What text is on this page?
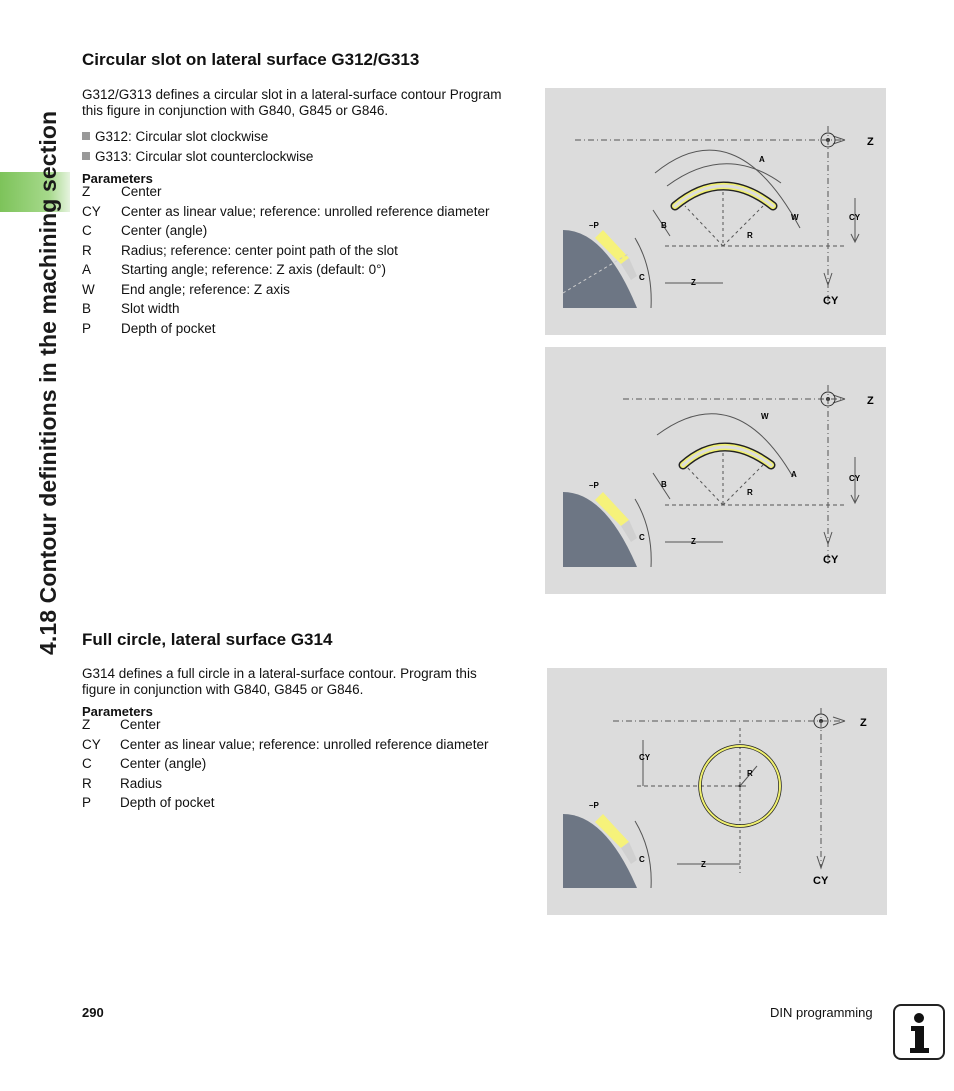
4.18 Contour definitions in the machining section
Circular slot on lateral surface G312/G313
G312/G313 defines a circular slot in a lateral-surface contour Program
this figure in conjunction with G840, G845 or G846.
G312: Circular slot clockwise
G313: Circular slot counterclockwise
Parameters
Z Center
CY Center as linear value; reference: unrolled reference diameter
C Center (angle)
R Radius; reference: center point path of the slot
A Starting angle; reference: Z axis (default: 0°)
W End angle; reference: Z axis
B Slot width
P Depth of pocket
Z
CY
CY
R
A
W
B
–P
C
Z
Z
CY
CY
R
W
A
B
–P
C	Z
Full circle, lateral surface G314
G314 defines a full circle in a lateral-surface contour. Program this
figure in conjunction with G840, G845 or G846.
Parameters
Z Center
CY Center as linear value; reference: unrolled reference diameter
C Center (angle)
R Radius
P Depth of pocket
Z
CY
CY
R
–P
C
Z
290	DIN programming
